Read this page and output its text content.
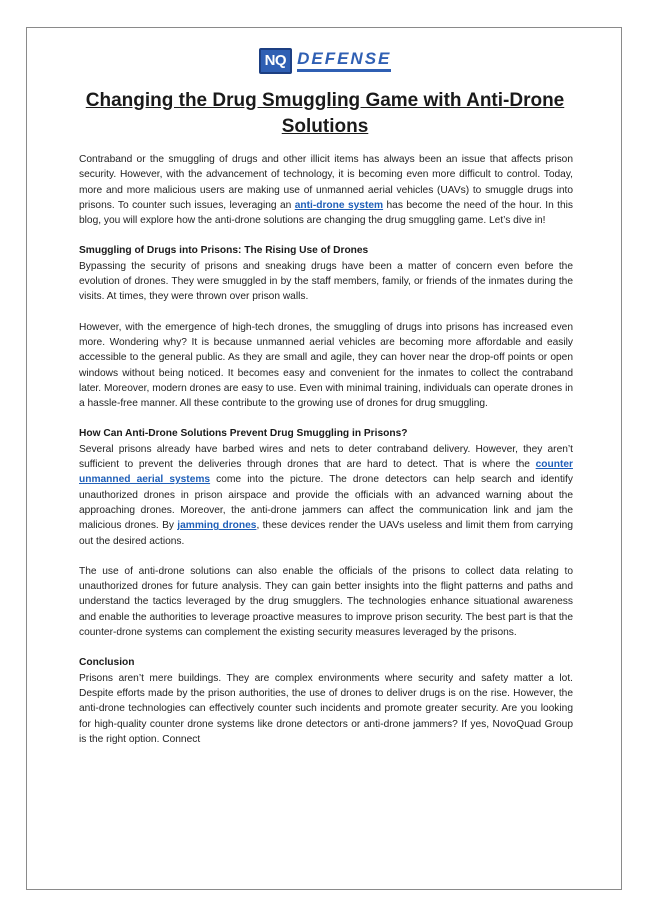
NQ DEFENSE
Changing the Drug Smuggling Game with Anti-Drone Solutions

Contraband or the smuggling of drugs and other illicit items has always been an issue that affects prison security. However, with the advancement of technology, it is becoming even more difficult to control. Today, more and more malicious users are making use of unmanned aerial vehicles (UAVs) to smuggle drugs into prisons. To counter such issues, leveraging an anti-drone system has become the need of the hour. In this blog, you will explore how the anti-drone solutions are changing the drug smuggling game. Let’s dive in!

Smuggling of Drugs into Prisons: The Rising Use of Drones

Bypassing the security of prisons and sneaking drugs have been a matter of concern even before the evolution of drones. They were smuggled in by the staff members, family, or friends of the inmates during the visits. At times, they were thrown over prison walls.

However, with the emergence of high-tech drones, the smuggling of drugs into prisons has increased even more. Wondering why? It is because unmanned aerial vehicles are becoming more affordable and easily accessible to the general public. As they are small and agile, they can hover near the drop-off points or open windows without being noticed. It becomes easy and convenient for the inmates to collect the contraband later. Moreover, modern drones are easy to use. Even with minimal training, individuals can operate drones in a hassle-free manner. All these contribute to the growing use of drones for drug smuggling.

How Can Anti-Drone Solutions Prevent Drug Smuggling in Prisons?

Several prisons already have barbed wires and nets to deter contraband delivery. However, they aren’t sufficient to prevent the deliveries through drones that are hard to detect. That is where the counter unmanned aerial systems come into the picture. The drone detectors can help search and identify unauthorized drones in prison airspace and provide the officials with an advanced warning about the approaching drones. Moreover, the anti-drone jammers can affect the communication link and jam the malicious drones. By jamming drones, these devices render the UAVs useless and limit them from carrying out the desired actions.

The use of anti-drone solutions can also enable the officials of the prisons to collect data relating to unauthorized drones for future analysis. They can gain better insights into the flight patterns and paths and understand the tactics leveraged by the drug smugglers. The technologies enhance situational awareness and enable the authorities to leverage proactive measures to improve prison security. The best part is that the counter-drone systems can complement the existing security measures leveraged by the prisons.

Conclusion

Prisons aren’t mere buildings. They are complex environments where security and safety matter a lot. Despite efforts made by the prison authorities, the use of drones to deliver drugs is on the rise. However, the anti-drone technologies can effectively counter such incidents and promote greater security. Are you looking for high-quality counter drone systems like drone detectors or anti-drone jammers? If yes, NovoQuad Group is the right option. Connect
